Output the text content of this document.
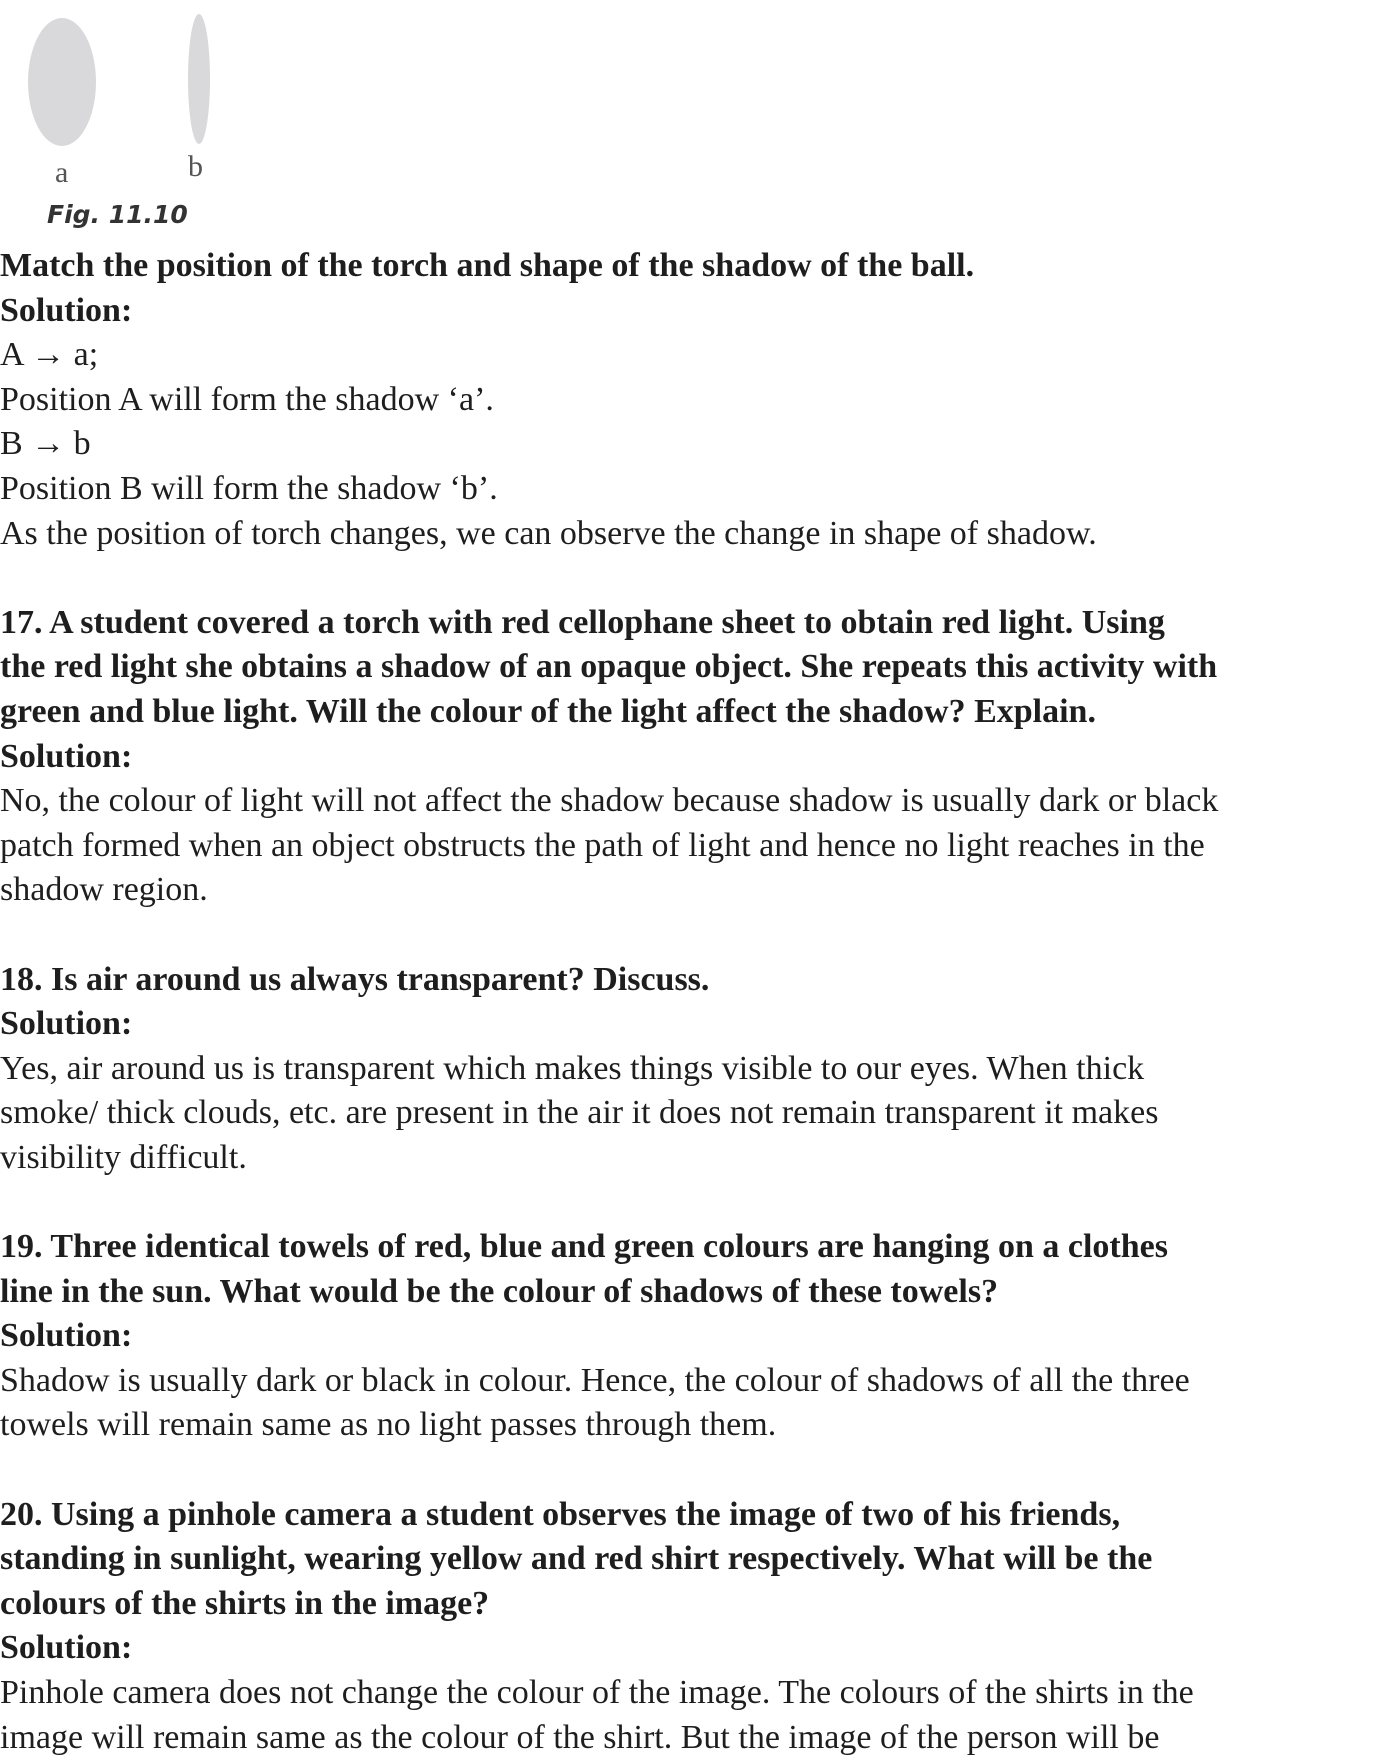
a	b
Fig. 11.10
Match the position of the torch and shape of the shadow of the ball.
Solution:
A → a;
Position A will form the shadow ‘a’.
B → b
Position B will form the shadow ‘b’.
As the position of torch changes, we can observe the change in shape of shadow.
17. A student covered a torch with red cellophane sheet to obtain red light. Using
the red light she obtains a shadow of an opaque object. She repeats this activity with
green and blue light. Will the colour of the light affect the shadow? Explain.
Solution:
No, the colour of light will not affect the shadow because shadow is usually dark or black
patch formed when an object obstructs the path of light and hence no light reaches in the
shadow region.
18. Is air around us always transparent? Discuss.
Solution:
Yes, air around us is transparent which makes things visible to our eyes. When thick
smoke/ thick clouds, etc. are present in the air it does not remain transparent it makes
visibility difficult.
19. Three identical towels of red, blue and green colours are hanging on a clothes
line in the sun. What would be the colour of shadows of these towels?
Solution:
Shadow is usually dark or black in colour. Hence, the colour of shadows of all the three
towels will remain same as no light passes through them.
20. Using a pinhole camera a student observes the image of two of his friends,
standing in sunlight, wearing yellow and red shirt respectively. What will be the
colours of the shirts in the image?
Solution:
Pinhole camera does not change the colour of the image. The colours of the shirts in the
image will remain same as the colour of the shirt. But the image of the person will be
